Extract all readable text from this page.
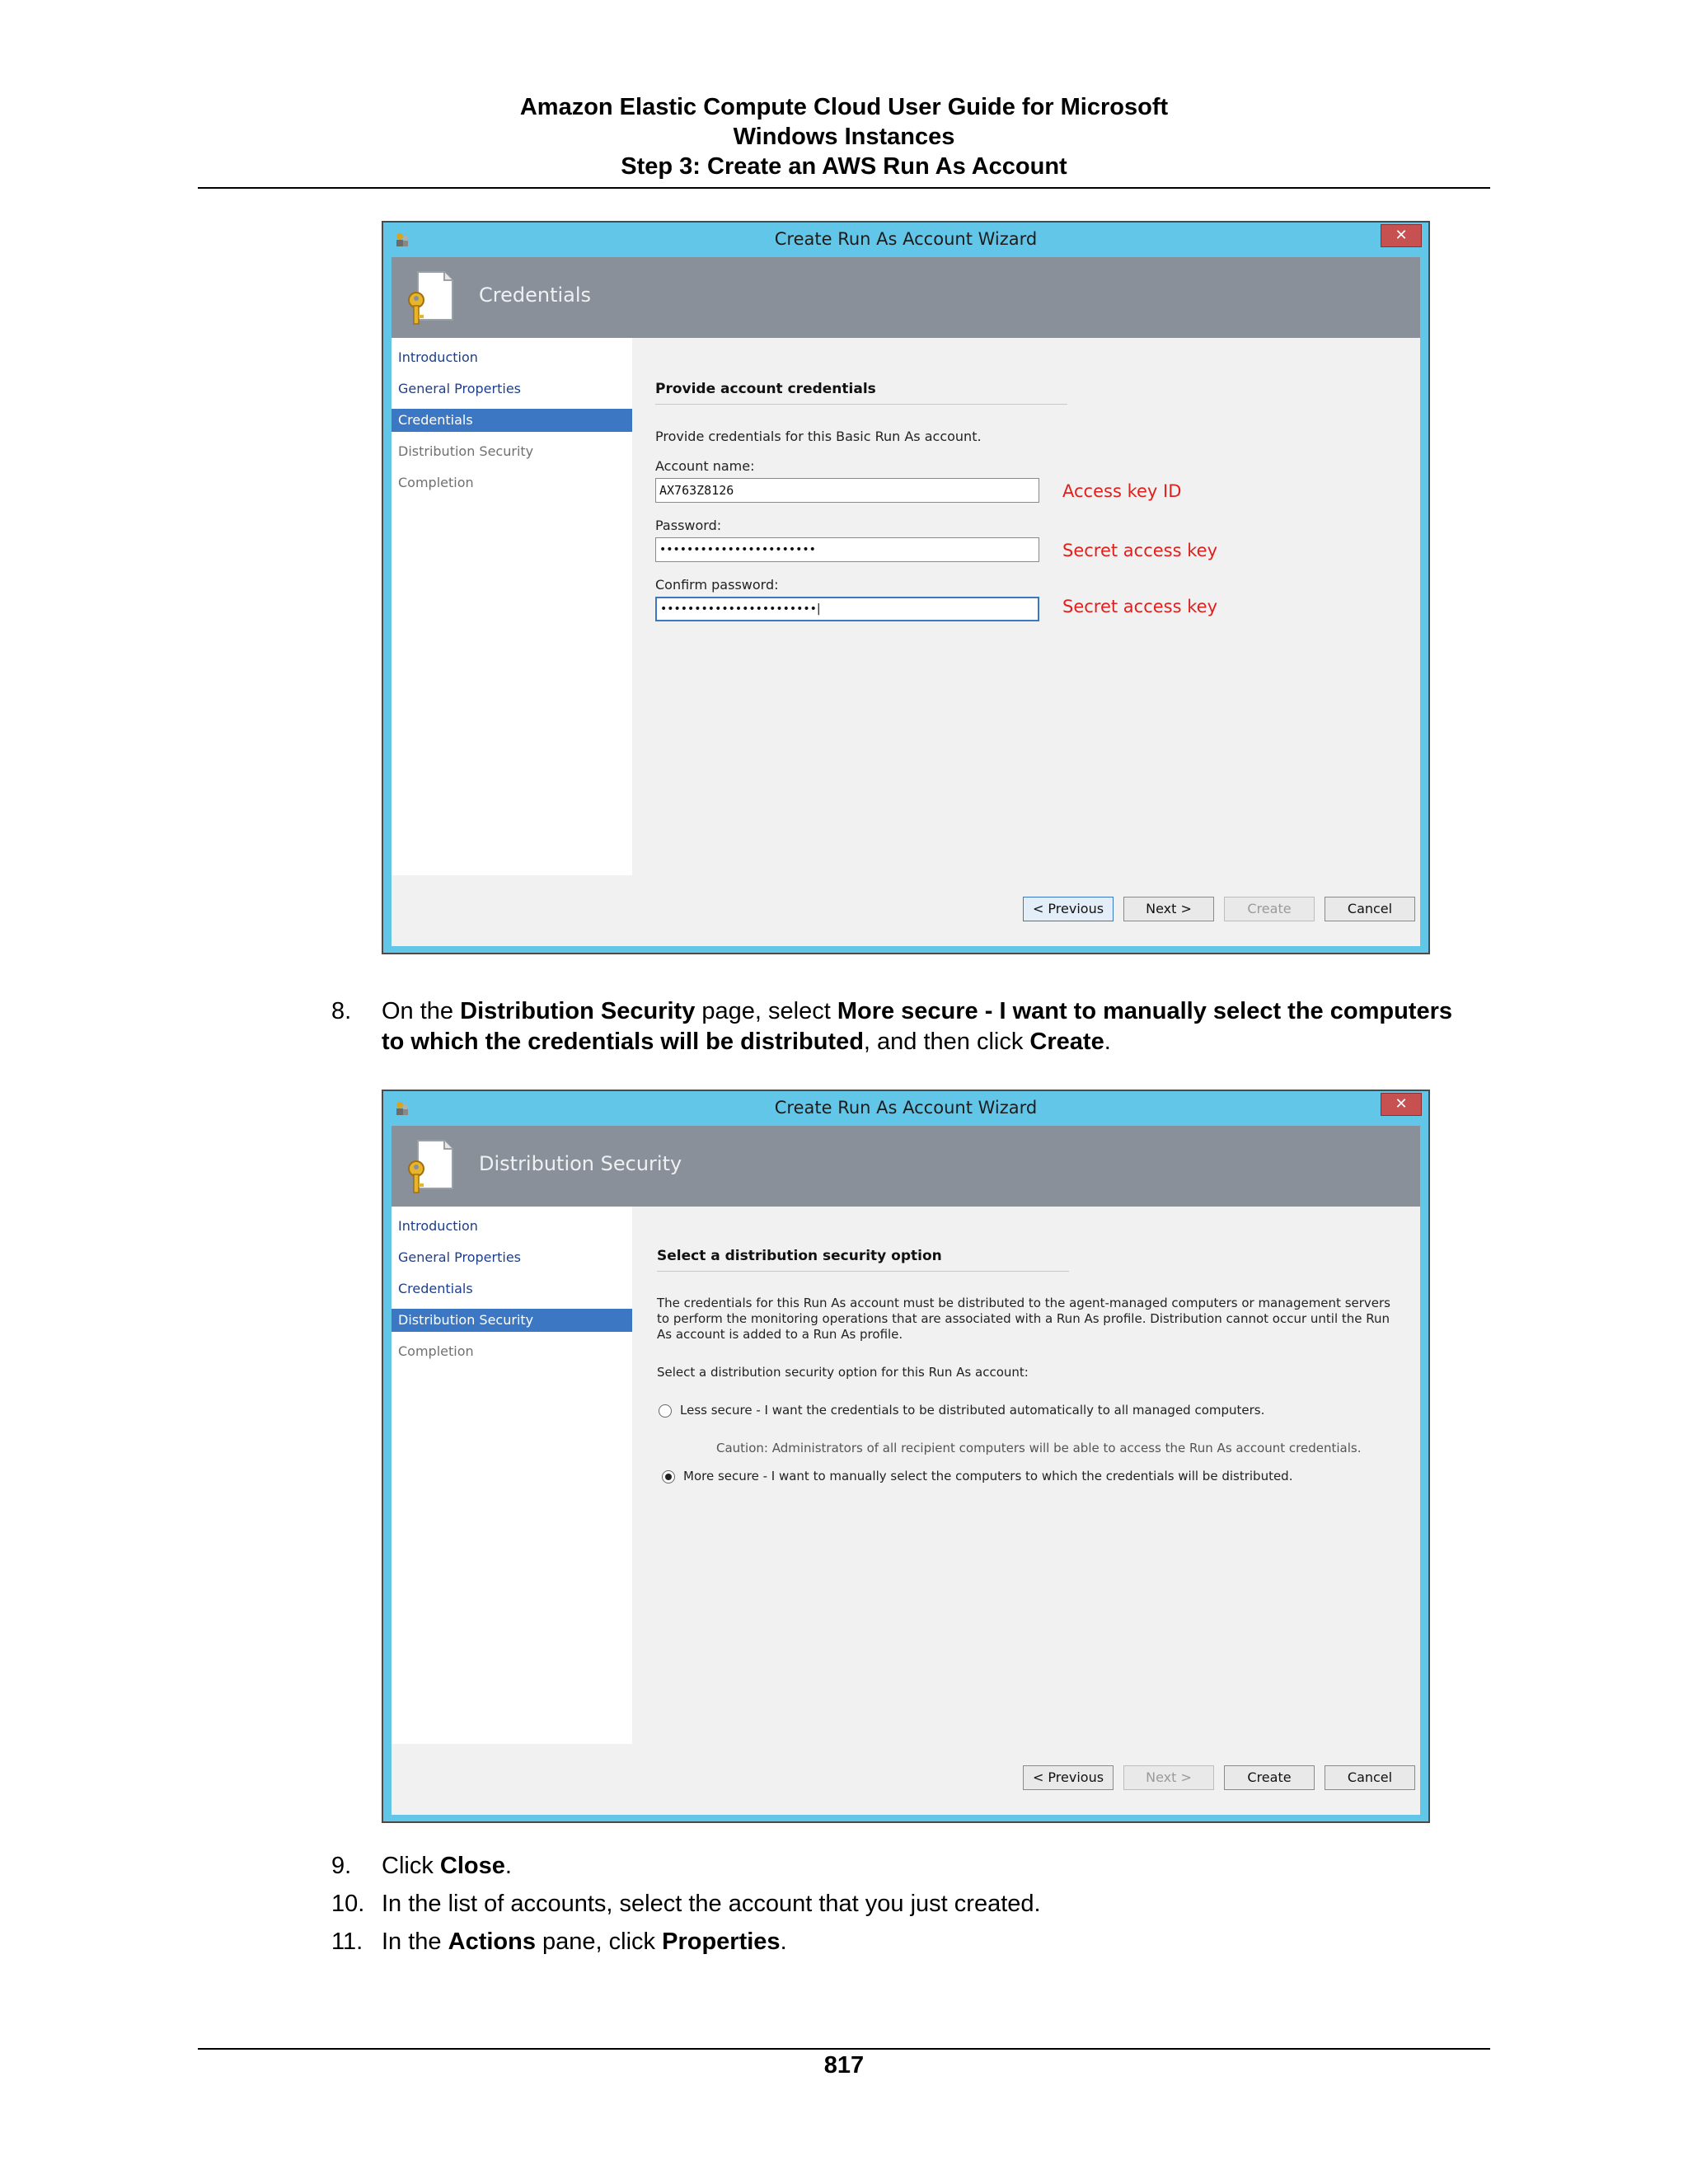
Amazon Elastic Compute Cloud User Guide for Microsoft
Windows Instances
Step 3: Create an AWS Run As Account
Create Run As Account Wizard	✕
Credentials
Introduction
General Properties
Credentials
Distribution Security
Completion
Provide account credentials
Provide credentials for this Basic Run As account.
Account name:
AX763Z8126	Access key ID
Password:
•••••••••••••••••••••••	Secret access key
Confirm password:
•••••••••••••••••••••••|	Secret access key
< Previous	Next >	Create	Cancel
8. On the Distribution Security page, select More secure - I want to manually select the computers
to which the credentials will be distributed, and then click Create.
Create Run As Account Wizard	✕
Distribution Security
Introduction
General Properties
Credentials
Distribution Security
Completion
Select a distribution security option
The credentials for this Run As account must be distributed to the agent-managed computers or management servers
to perform the monitoring operations that are associated with a Run As profile. Distribution cannot occur until the Run
As account is added to a Run As profile.
Select a distribution security option for this Run As account:
Less secure - I want the credentials to be distributed automatically to all managed computers.
Caution: Administrators of all recipient computers will be able to access the Run As account credentials.
More secure - I want to manually select the computers to which the credentials will be distributed.
< Previous	Next >	Create	Cancel
9. Click Close.
10. In the list of accounts, select the account that you just created.
11. In the Actions pane, click Properties.
817
